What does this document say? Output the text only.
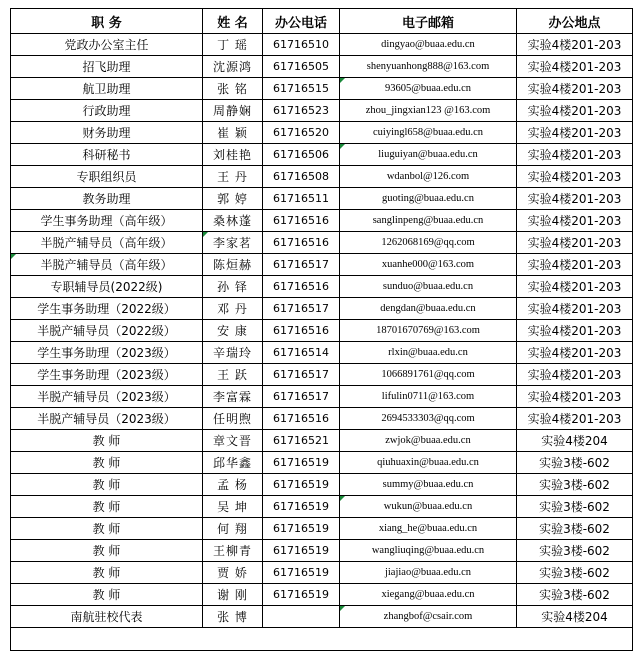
职 务	姓 名	办公电话	电子邮箱	办公地点
党政办公室主任	丁 瑶	61716510	dingyao@buaa.edu.cn	实验4楼201-203
招飞助理	沈源鸿	61716505	shenyuanhong888@163.com	实验4楼201-203
航卫助理	张 铭	61716515	93605@buaa.edu.cn	实验4楼201-203
行政助理	周静娴	61716523	zhou_jingxian123 @163.com	实验4楼201-203
财务助理	崔 颖	61716520	cuiyingl658@buaa.edu.cn	实验4楼201-203
科研秘书	刘桂艳	61716506	liuguiyan@buaa.edu.cn	实验4楼201-203
专职组织员	王 丹	61716508	wdanbol@126.com	实验4楼201-203
教务助理	郭 婷	61716511	guoting@buaa.edu.cn	实验4楼201-203
学生事务助理（高年级）	桑林蓬	61716516	sanglinpeng@buaa.edu.cn	实验4楼201-203
半脱产辅导员（高年级）	李家茗	61716516	1262068169@qq.com	实验4楼201-203
半脱产辅导员（高年级）	陈烜赫	61716517	xuanhe000@163.com	实验4楼201-203
专职辅导员(2022级)	孙 铎	61716516	sunduo@buaa.edu.cn	实验4楼201-203
学生事务助理（2022级）	邓 丹	61716517	dengdan@buaa.edu.cn	实验4楼201-203
半脱产辅导员（2022级）	安 康	61716516	18701670769@163.com	实验4楼201-203
学生事务助理（2023级）	辛瑞玲	61716514	rlxin@buaa.edu.cn	实验4楼201-203
学生事务助理（2023级）	王 跃	61716517	1066891761@qq.com	实验4楼201-203
半脱产辅导员（2023级）	李富霖	61716517	lifulin0711@163.com	实验4楼201-203
半脱产辅导员（2023级）	任明煦	61716516	2694533303@qq.com	实验4楼201-203
教 师	章文晋	61716521	zwjok@buaa.edu.cn	实验4楼204
教 师	邱华鑫	61716519	qiuhuaxin@buaa.edu.cn	实验3楼-602
教 师	孟 杨	61716519	summy@buaa.edu.cn	实验3楼-602
教 师	吴 坤	61716519	wukun@buaa.edu.cn	实验3楼-602
教 师	何 翔	61716519	xiang_he@buaa.edu.cn	实验3楼-602
教 师	王柳青	61716519	wangliuqing@buaa.edu.cn	实验3楼-602
教 师	贾 娇	61716519	jiajiao@buaa.edu.cn	实验3楼-602
教 师	谢 刚	61716519	xiegang@buaa.edu.cn	实验3楼-602
南航驻校代表	张 博		zhangbof@csair.com	实验4楼204
